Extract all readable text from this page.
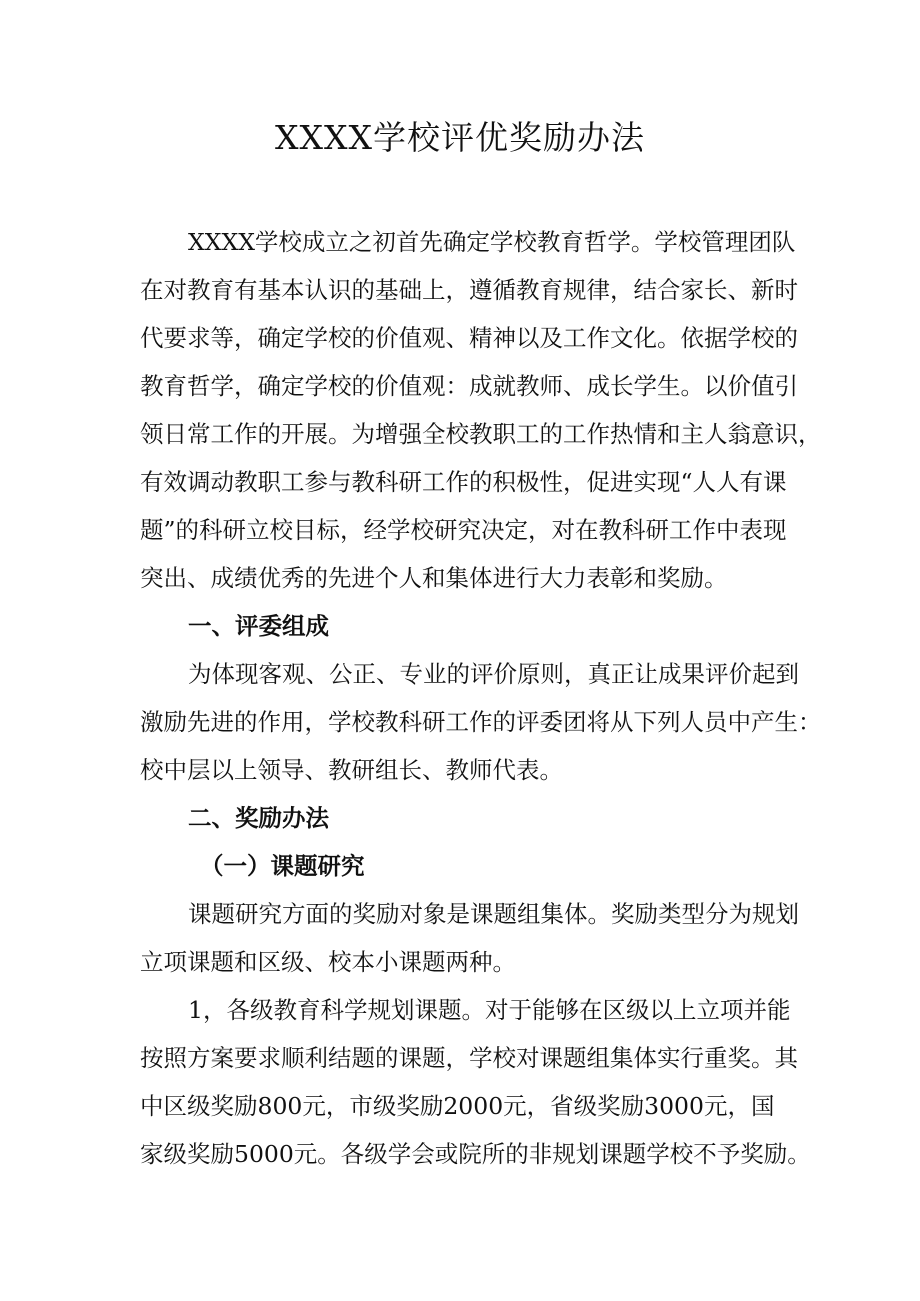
XXXX学校评优奖励办法

XXXX学校成立之初首先确定学校教育哲学。学校管理团队

在对教育有基本认识的基础上，遵循教育规律，结合家长、新时

代要求等，确定学校的价值观、精神以及工作文化。依据学校的

教育哲学，确定学校的价值观：成就教师、成长学生。以价值引

领日常工作的开展。为增强全校教职工的工作热情和主人翁意识，

有效调动教职工参与教科研工作的积极性，促进实现“人人有课

题”的科研立校目标，经学校研究决定，对在教科研工作中表现

突出、成绩优秀的先进个人和集体进行大力表彰和奖励。

一、评委组成

为体现客观、公正、专业的评价原则，真正让成果评价起到

激励先进的作用，学校教科研工作的评委团将从下列人员中产生：

校中层以上领导、教研组长、教师代表。

二、奖励办法

（一）课题研究

课题研究方面的奖励对象是课题组集体。奖励类型分为规划

立项课题和区级、校本小课题两种。

1，各级教育科学规划课题。对于能够在区级以上立项并能

按照方案要求顺利结题的课题，学校对课题组集体实行重奖。其

中区级奖励800元，市级奖励2000元，省级奖励3000元，国

家级奖励5000元。各级学会或院所的非规划课题学校不予奖励。
